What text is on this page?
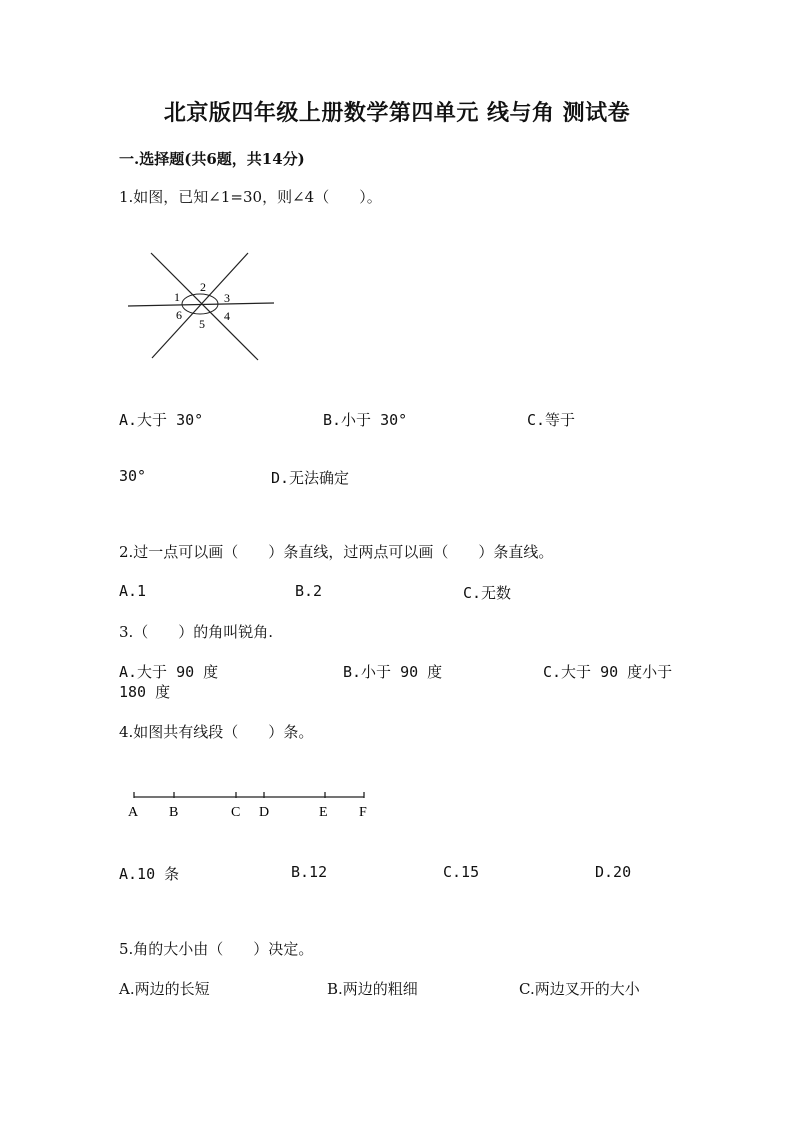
北京版四年级上册数学第四单元 线与角 测试卷
一.选择题(共6题，共14分)
1.如图，已知∠1=30，则∠4（　　）。
1
2
3
4
5
6
A.大于 30°	B.小于 30°	C.等于
30°	D.无法确定
2.过一点可以画（　　）条直线，过两点可以画（　　）条直线。
A.1	B.2	C.无数
3.（　　）的角叫锐角.
A.大于 90 度	B.小于 90 度	C.大于 90 度小于
180 度
4.如图共有线段（　　）条。
A B	C D	E F
A.10 条	B.12	C.15	D.20
5.角的大小由（　　）决定。
A.两边的长短	B.两边的粗细	C.两边叉开的大小
